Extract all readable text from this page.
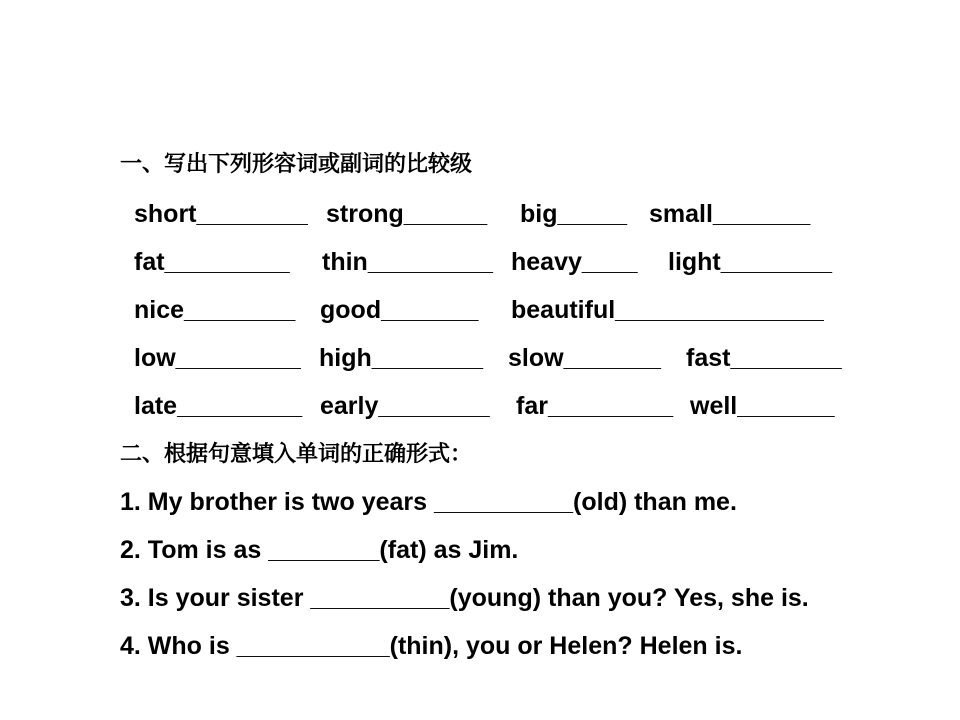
一、写出下列形容词或副词的比较级

short________

strong______

big_____

small_______

fat_________

thin_________

heavy____

light________

nice________

good_______

beautiful_______________

low_________

high________

slow_______

fast________

late_________

early________

far_________

well_______

二、根据句意填入单词的正确形式：
1. My brother is two years __________(old) than me.
2. Tom is as ________(fat) as Jim.
3. Is your sister __________(young) than you? Yes, she is.
4. Who is ___________(thin), you or Helen? Helen is.
